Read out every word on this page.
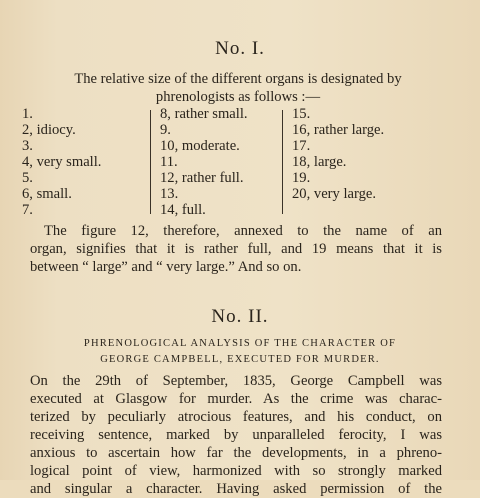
No. I.
The relative size of the different organs is designated by
phrenologists as follows :—
1.
2, idiocy.
3.
4, very small.
5.
6, small.
7.
8, rather small.
9.
10, moderate.
11.
12, rather full.
13.
14, full.
15.
16, rather large.
17.
18, large.
19.
20, very large.
The figure 12, therefore, annexed to the name of an
organ, signifies that it is rather full, and 19 means that it is
between “ large” and “ very large.” And so on.
No. II.
PHRENOLOGICAL ANALYSIS OF THE CHARACTER OF
GEORGE CAMPBELL, EXECUTED FOR MURDER.
On the 29th of September, 1835, George Campbell was
executed at Glasgow for murder. As the crime was charac-
terized by peculiarly atrocious features, and his conduct, on
receiving sentence, marked by unparalleled ferocity, I was
anxious to ascertain how far the developments, in a phreno-
logical point of view, harmonized with so strongly marked
and singular a character. Having asked permission of the
